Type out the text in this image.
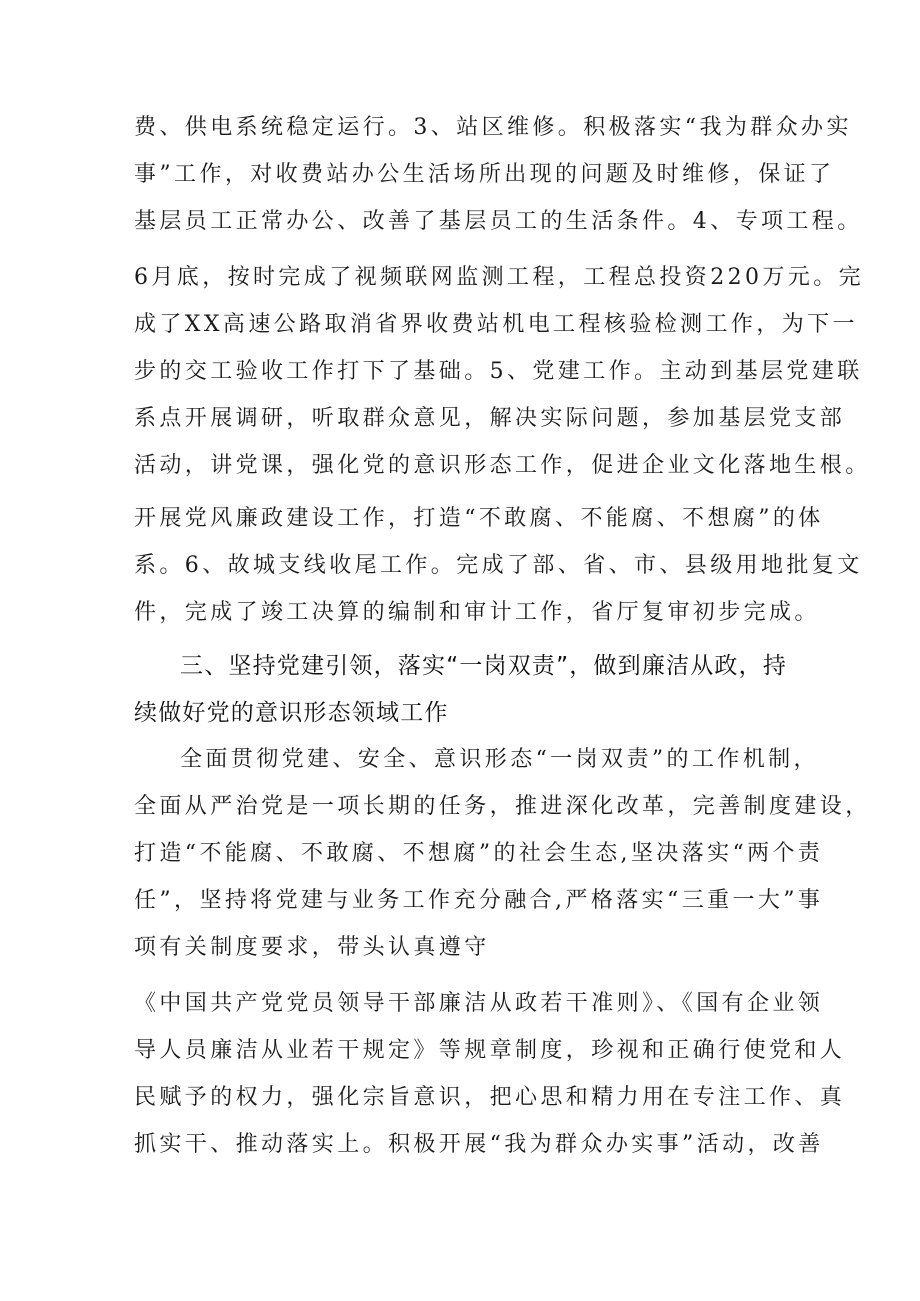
费、供电系统稳定运行。3、站区维修。积极落实“我为群众办实
事”工作，对收费站办公生活场所出现的问题及时维修，保证了
基层员工正常办公、改善了基层员工的生活条件。4、专项工程。
6月底，按时完成了视频联网监测工程，工程总投资220万元。完
成了XX高速公路取消省界收费站机电工程核验检测工作，为下一
步的交工验收工作打下了基础。5、党建工作。主动到基层党建联
系点开展调研，听取群众意见，解决实际问题，参加基层党支部
活动，讲党课，强化党的意识形态工作，促进企业文化落地生根。
开展党风廉政建设工作，打造“不敢腐、不能腐、不想腐”的体
系。6、故城支线收尾工作。完成了部、省、市、县级用地批复文
件，完成了竣工决算的编制和审计工作，省厅复审初步完成。
三、坚持党建引领，落实“一岗双责”，做到廉洁从政，持
续做好党的意识形态领域工作
全面贯彻党建、安全、意识形态“一岗双责”的工作机制，
全面从严治党是一项长期的任务，推进深化改革，完善制度建设，
打造“不能腐、不敢腐、不想腐”的社会生态,坚决落实“两个责
任”，坚持将党建与业务工作充分融合,严格落实“三重一大”事
项有关制度要求，带头认真遵守
《中国共产党党员领导干部廉洁从政若干准则》、《国有企业领
导人员廉洁从业若干规定》等规章制度，珍视和正确行使党和人
民赋予的权力，强化宗旨意识，把心思和精力用在专注工作、真
抓实干、推动落实上。积极开展“我为群众办实事”活动，改善
